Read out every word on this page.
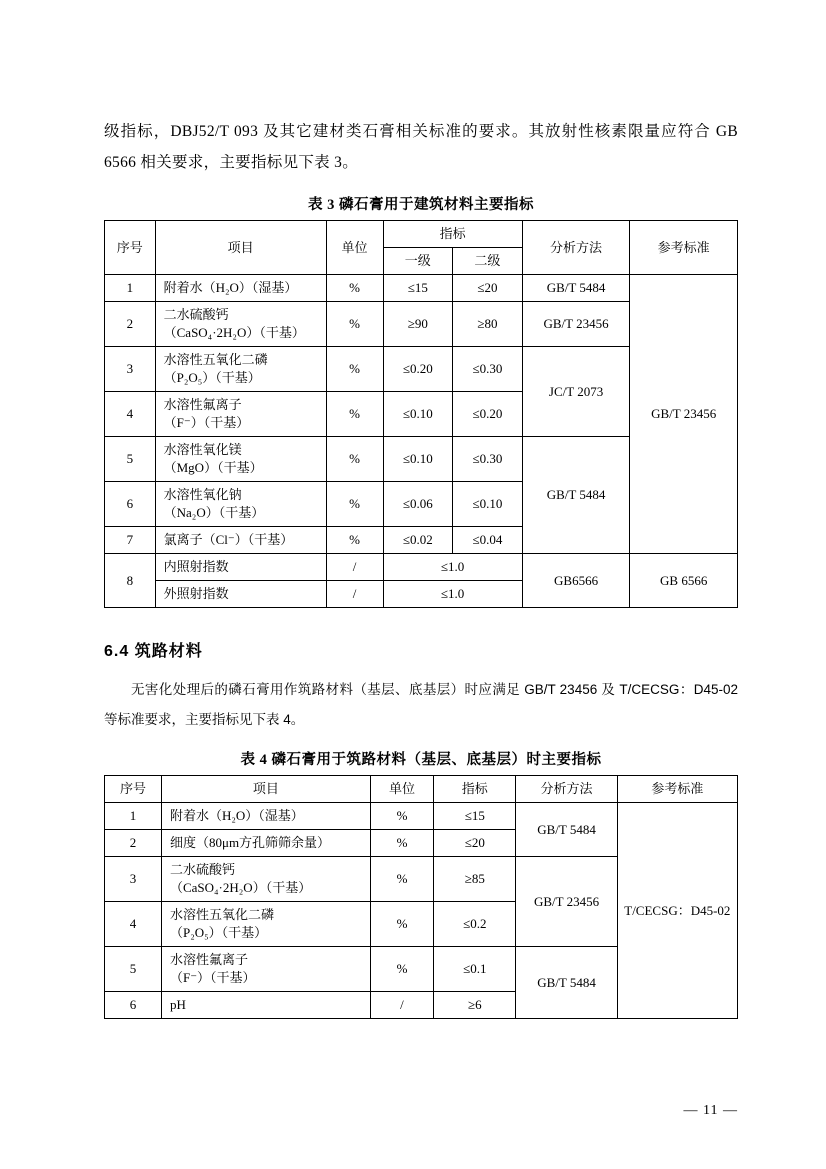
级指标，DBJ52/T 093 及其它建材类石膏相关标准的要求。其放射性核素限量应符合 GB 6566 相关要求，主要指标见下表 3。

表 3 磷石膏用于建筑材料主要指标
序号	项目	单位	指标		分析方法	参考标准
			一级	二级		
1	附着水（H₂O）（湿基）	%	≤15	≤20	GB/T 5484	GB/T 23456
2	二水硫酸钙
（CaSO₄·2H₂O）（干基）	%	≥90	≥80	GB/T 23456	
3	水溶性五氧化二磷
（P₂O₅）（干基）	%	≤0.20	≤0.30	JC/T 2073	
4	水溶性氟离子
（F⁻）（干基）	%	≤0.10	≤0.20		
5	水溶性氧化镁
（MgO）（干基）	%	≤0.10	≤0.30	GB/T 5484	
6	水溶性氧化钠
（Na₂O）（干基）	%	≤0.06	≤0.10		
7	氯离子（Cl⁻）（干基）	%	≤0.02	≤0.04		
8	内照射指数	/	≤1.0		GB6566	GB 6566
	外照射指数	/	≤1.0			
6.4 筑路材料

无害化处理后的磷石膏用作筑路材料（基层、底基层）时应满足 GB/T 23456 及 T/CECSG：D45-02 等标准要求，主要指标见下表 4。

表 4 磷石膏用于筑路材料（基层、底基层）时主要指标
序号	项目	单位	指标	分析方法	参考标准
1	附着水（H₂O）（湿基）	%	≤15	GB/T 5484	T/CECSG：D45-02
2	细度（80μm方孔筛筛余量）	%	≤20		
3	二水硫酸钙
（CaSO₄·2H₂O）（干基）	%	≥85	GB/T 23456	
4	水溶性五氧化二磷
（P₂O₅）（干基）	%	≤0.2		
5	水溶性氟离子
（F⁻）（干基）	%	≤0.1	GB/T 5484	
6	pH	/	≥6		
— 11 —
